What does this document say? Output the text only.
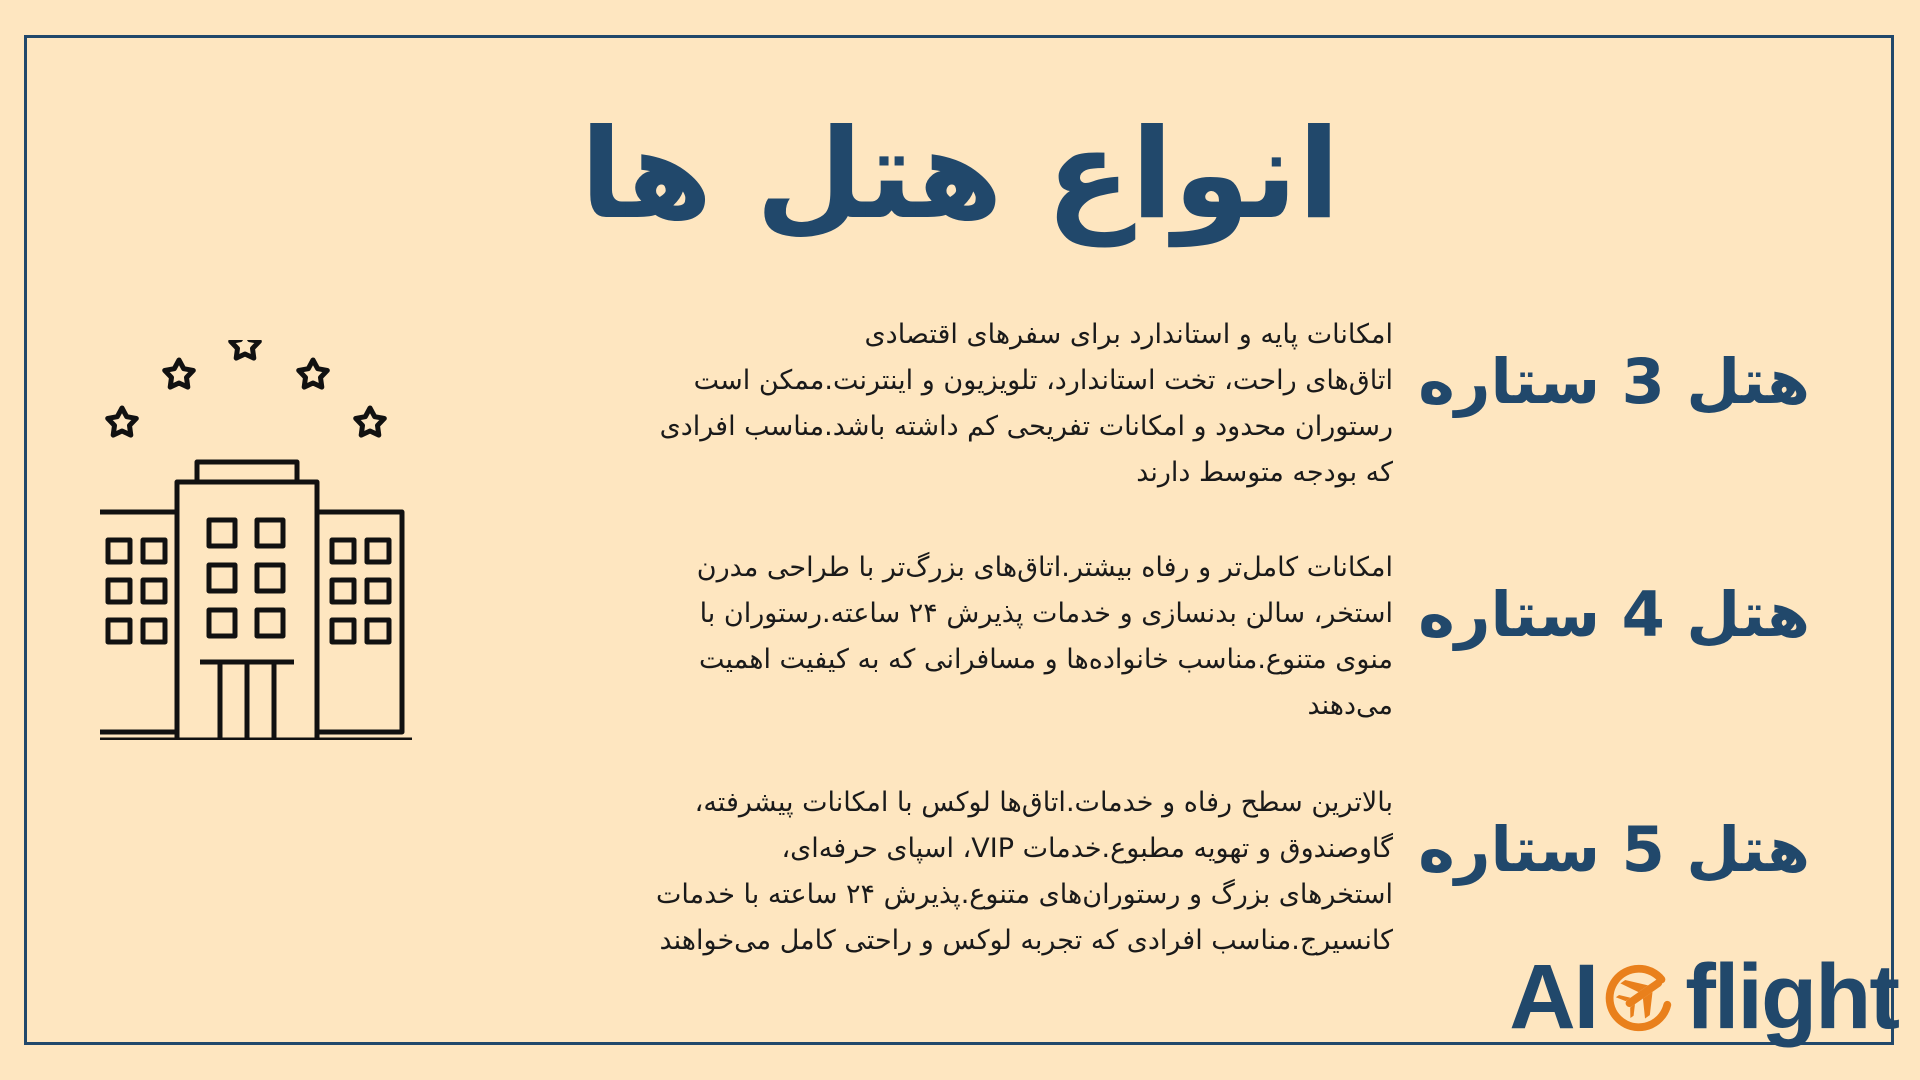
انواع هتل ها
هتل 3 ستاره
امکانات پایه و استاندارد برای سفرهای اقتصادی
اتاق‌های راحت، تخت استاندارد، تلویزیون و اینترنت.ممکن است
رستوران محدود و امکانات تفریحی کم داشته باشد.مناسب افرادی
که بودجه متوسط دارند
هتل 4 ستاره
امکانات کامل‌تر و رفاه بیشتر.اتاق‌های بزرگ‌تر با طراحی مدرن
استخر، سالن بدنسازی و خدمات پذیرش ۲۴ ساعته.رستوران با
منوی متنوع.مناسب خانواده‌ها و مسافرانی که به کیفیت اهمیت
می‌دهند
هتل 5 ستاره
بالاترین سطح رفاه و خدمات.اتاق‌ها لوکس با امکانات پیشرفته،
گاوصندوق و تهویه مطبوع.خدمات VIP، اسپای حرفه‌ای،
استخرهای بزرگ و رستوران‌های متنوع.پذیرش ۲۴ ساعته با خدمات
کانسیرج.مناسب افرادی که تجربه لوکس و راحتی کامل می‌خواهند
AI flight
